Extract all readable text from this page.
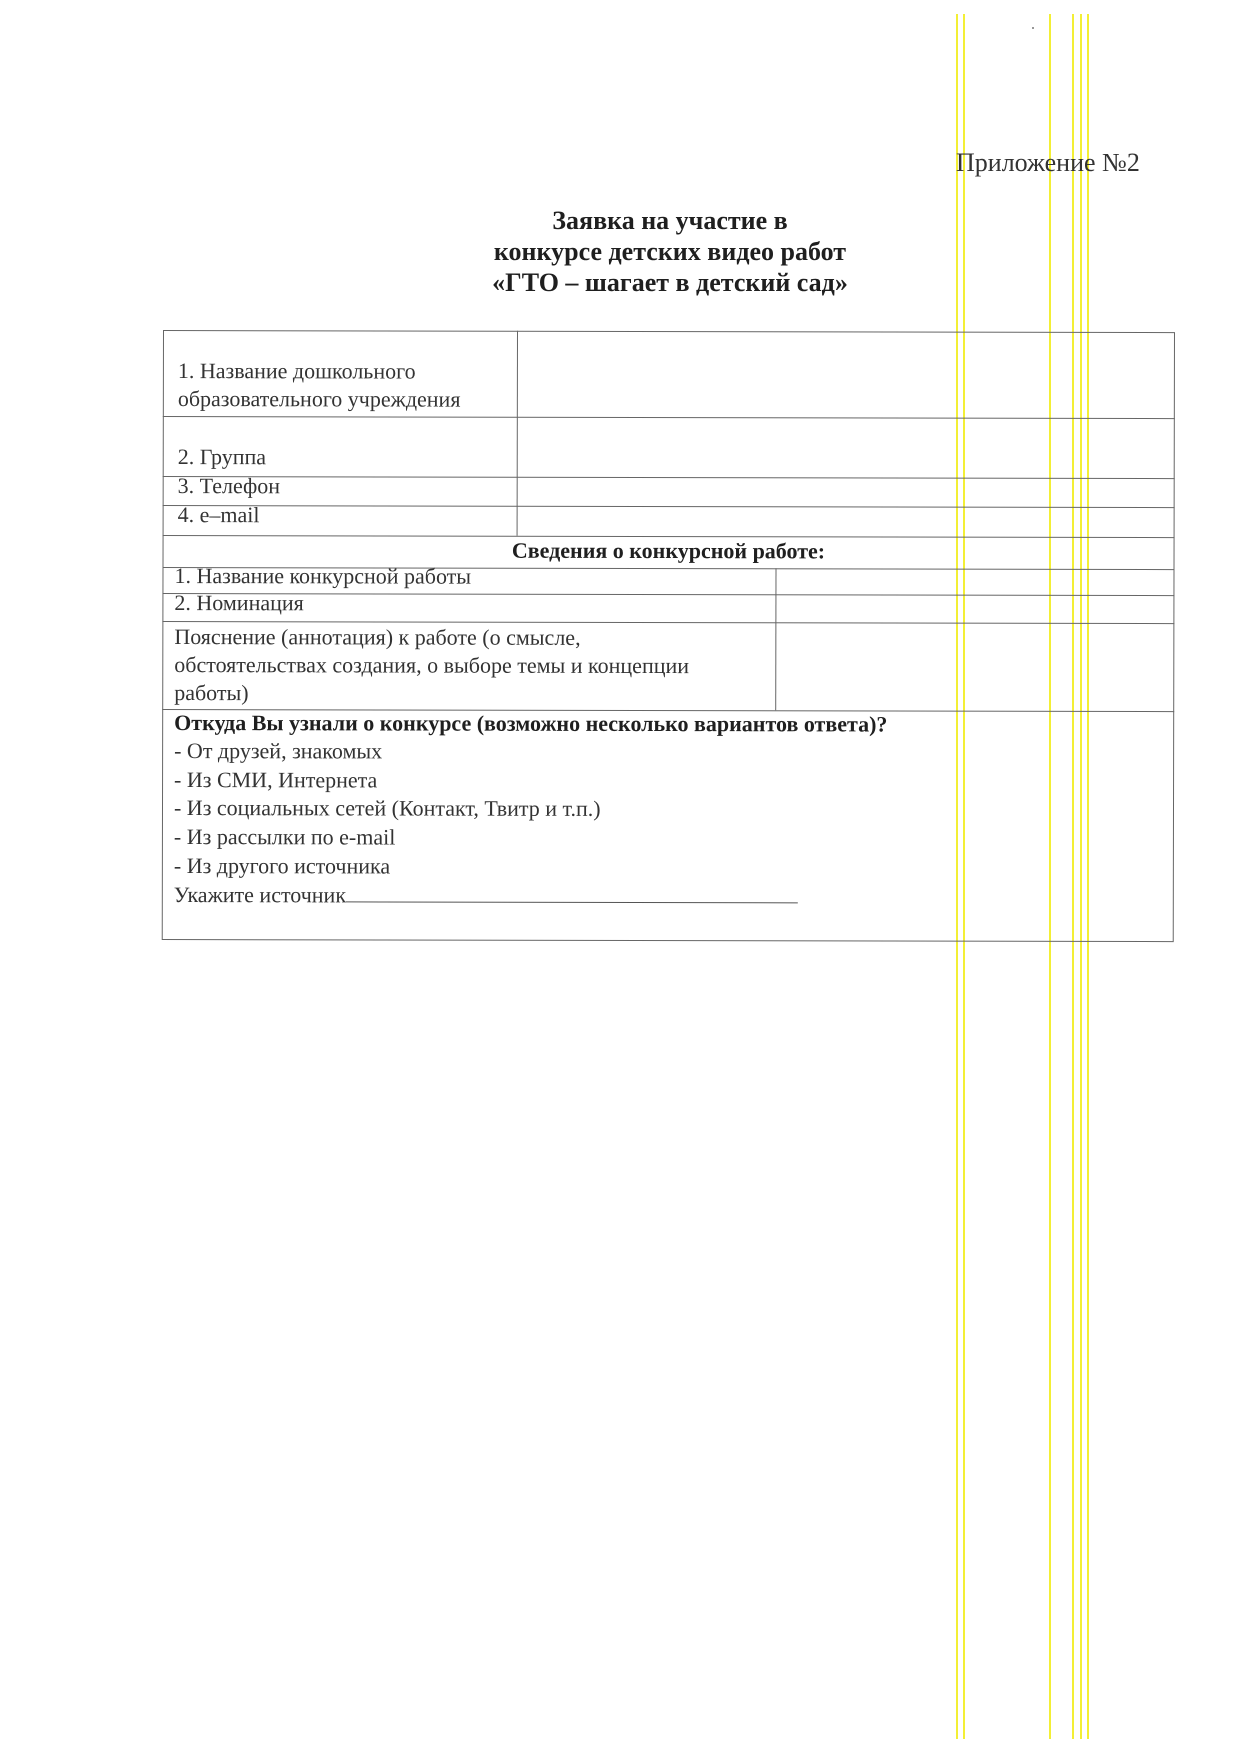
Приложение №2
Заявка на участие в
конкурсе детских видео работ
«ГТО – шагает в детский сад»
1. Название дошкольного
образовательного учреждения
2. Группа
3. Телефон
4. e–mail
Сведения о конкурсной работе:
1. Название конкурсной работы
2. Номинация
Пояснение (аннотация) к работе (о смысле,
обстоятельствах создания, о выборе темы и концепции
работы)
Откуда Вы узнали о конкурсе (возможно несколько вариантов ответа)?
- От друзей, знакомых
- Из СМИ, Интернета
- Из социальных сетей (Контакт, Твитр и т.п.)
- Из рассылки по e-mail
- Из другого источника
Укажите источник
